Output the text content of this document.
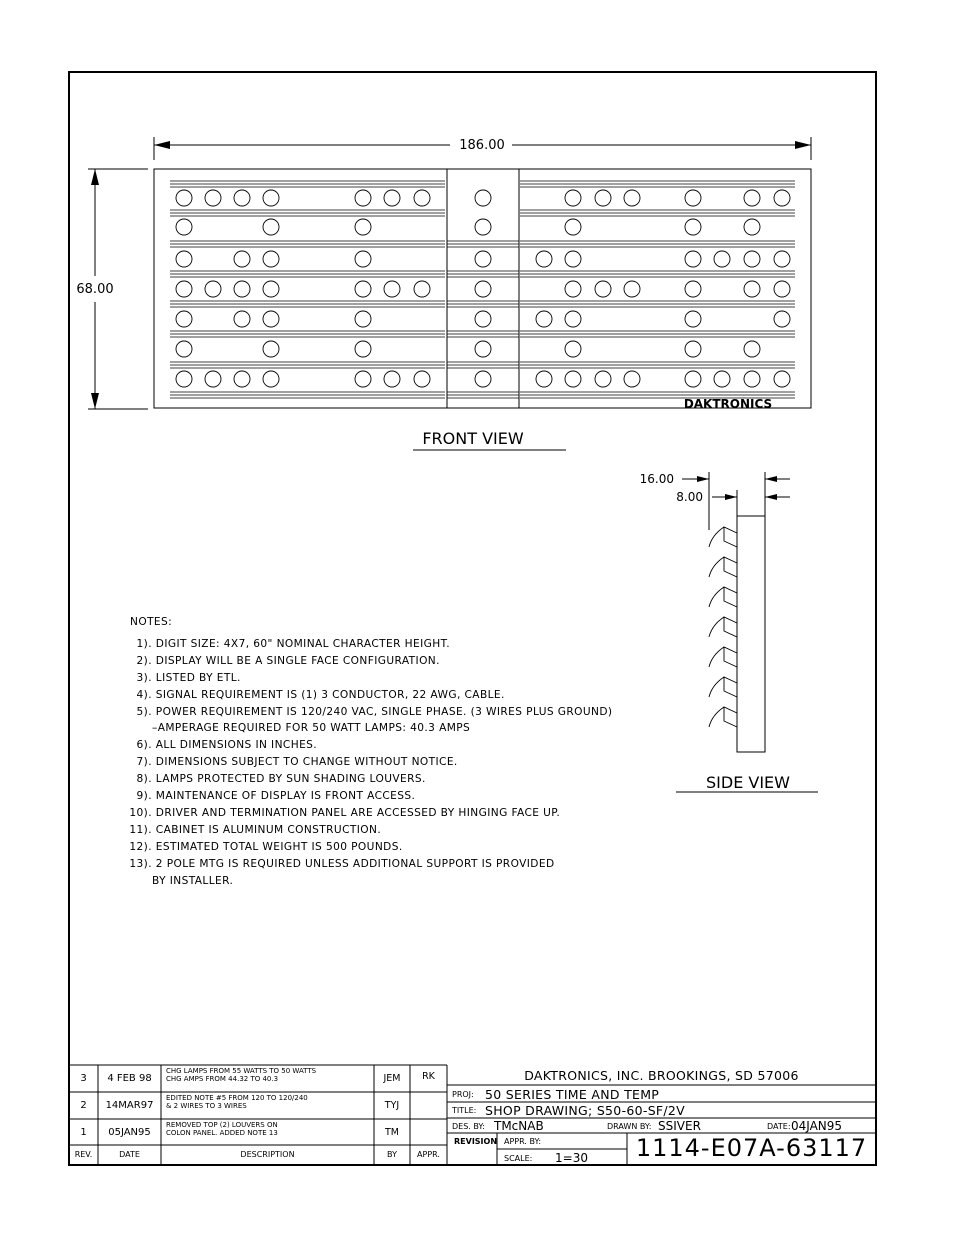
186.00
68.00
DAKTRONICS
FRONT VIEW
16.00
8.00
SIDE VIEW
NOTES:
1). DIGIT SIZE: 4X7, 60" NOMINAL CHARACTER HEIGHT.
2). DISPLAY WILL BE A SINGLE FACE CONFIGURATION.
3). LISTED BY ETL.
4). SIGNAL REQUIREMENT IS (1) 3 CONDUCTOR, 22 AWG, CABLE.
5). POWER REQUIREMENT IS 120/240 VAC, SINGLE PHASE. (3 WIRES PLUS GROUND)
–AMPERAGE REQUIRED FOR 50 WATT LAMPS: 40.3 AMPS
6). ALL DIMENSIONS IN INCHES.
7). DIMENSIONS SUBJECT TO CHANGE WITHOUT NOTICE.
8). LAMPS PROTECTED BY SUN SHADING LOUVERS.
9). MAINTENANCE OF DISPLAY IS FRONT ACCESS.
10). DRIVER AND TERMINATION PANEL ARE ACCESSED BY HINGING FACE UP.
11). CABINET IS ALUMINUM CONSTRUCTION.
12). ESTIMATED TOTAL WEIGHT IS 500 POUNDS.
13). 2 POLE MTG IS REQUIRED UNLESS ADDITIONAL SUPPORT IS PROVIDED
BY INSTALLER.
3	4 FEB 98
CHG LAMPS FROM 55 WATTS TO 50 WATTS
CHG AMPS FROM 44.32 TO 40.3	JEM	RK
2	14MAR97
EDITED NOTE #5 FROM 120 TO 120/240
& 2 WIRES TO 3 WIRES	TYJ
1	05JAN95
REMOVED TOP (2) LOUVERS ON
COLON PANEL. ADDED NOTE 13	TM
REV.	DATE	DESCRIPTION	BY	APPR.
DAKTRONICS, INC. BROOKINGS, SD 57006
PROJ: 50 SERIES TIME AND TEMP
TITLE: SHOP DRAWING; S50-60-SF/2V
DES. BY: TMcNAB	DRAWN BY: SSIVER	DATE: 04JAN95
REVISION APPR. BY:
SCALE: 1=30	1114-E07A-63117
